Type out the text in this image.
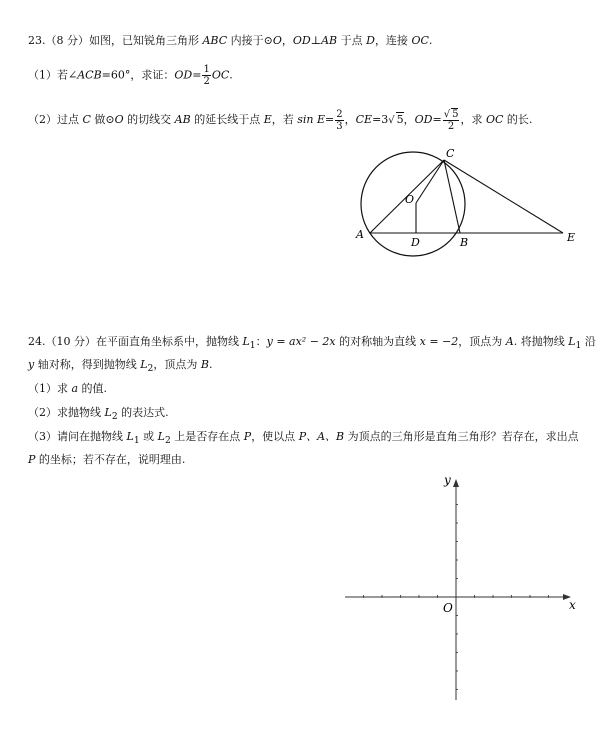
23.（8 分）如图，已知锐角三角形 ABC 内接于⊙O，OD⊥AB 于点 D，连接 OC.
（1）若∠ACB=60°，求证：$OD= \frac{1}{2}$ OC.
（2）过点 C 做⊙O 的切线交 AB 的延长线于点 E，若 $\sin E= \frac{2}{3}$ ，CE=3√ 5，$OD= \frac{√ 5}{2}$ ，求 OC 的长.
A
B
C
D	E
O
24.（10 分）在平面直角坐标系中，抛物线 $L_1$：y = ax² − 2x 的对称轴为直线 x = −2，顶点为 A. 将抛物线 $L_1$ 沿
y 轴对称，得到抛物线 $L_2$，顶点为 B.
（1）求 a 的值.
（2）求抛物线 $L_2$ 的表达式.
（3）请问在抛物线 $L_1$ 或 $L_2$ 上是否存在点 P，使以点 P、A、B 为顶点的三角形是直角三角形？若存在，求出点
P 的坐标；若不存在，说明理由.
x
y
O
